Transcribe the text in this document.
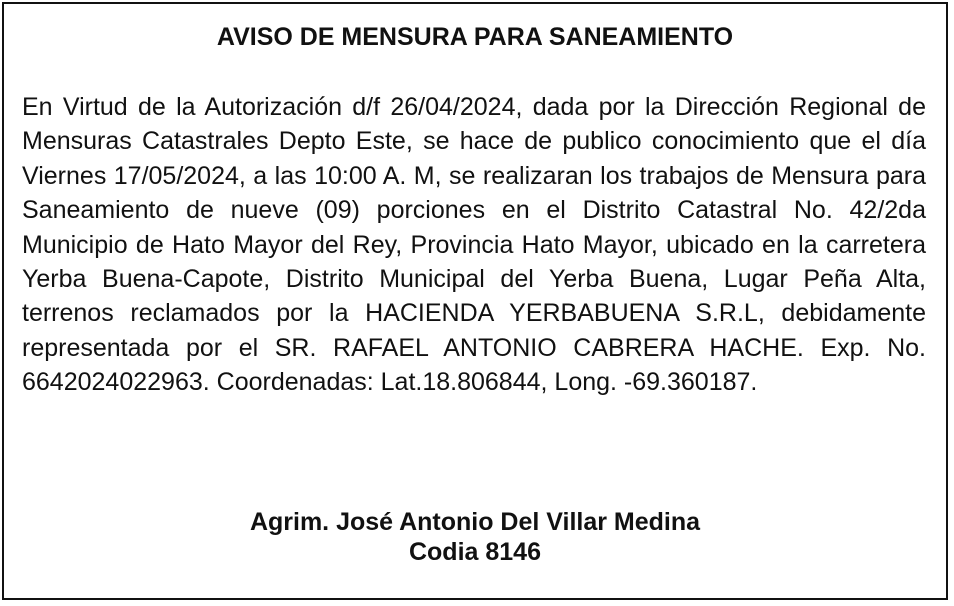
AVISO DE MENSURA PARA SANEAMIENTO

En Virtud de la Autorización d/f 26/04/2024, dada por la Dirección Regional de Mensuras Catastrales Depto Este, se hace de publico conocimiento que el día Viernes 17/05/2024, a las 10:00 A. M, se realizaran los trabajos de Mensura para Saneamiento de nueve (09) porciones en el Distrito Catastral No. 42/2da Municipio de Hato Mayor del Rey, Provincia Hato Mayor, ubicado en la carretera Yerba Buena-Capote, Distrito Municipal del Yerba Buena, Lugar Peña Alta, terrenos reclamados por la HACIENDA YERBABUENA S.R.L, debidamente representada por el SR. RAFAEL ANTONIO CABRERA HACHE. Exp. No. 6642024022963. Coordenadas: Lat.18.806844, Long. -69.360187.

Agrim. José Antonio Del Villar Medina
Codia 8146
